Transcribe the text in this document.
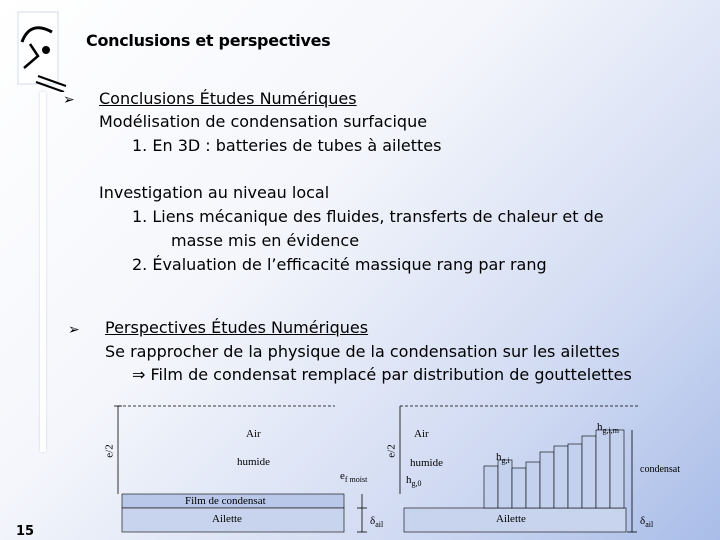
Conclusions et perspectives
➢ Conclusions Études Numériques
Modélisation de condensation surfacique
1. En 3D : batteries de tubes à ailettes
Investigation au niveau local
1. Liens mécanique des fluides, transferts de chaleur et de
masse mis en évidence
2. Évaluation de l’efficacité massique rang par rang
➢ Perspectives Études Numériques
Se rapprocher de la physique de la condensation sur les ailettes
⇒ Film de condensat remplacé par distribution de gouttelettes
e/2
Air
humide
Film de condensat
Ailette
$e_{f moist}$
$\delta_{ail}$
e/2
Air
humide
$h_{g,0}$
$h_{g,i}$
$h_{g,i,m}$
condensat
Ailette	$\delta_{ail}$
15
